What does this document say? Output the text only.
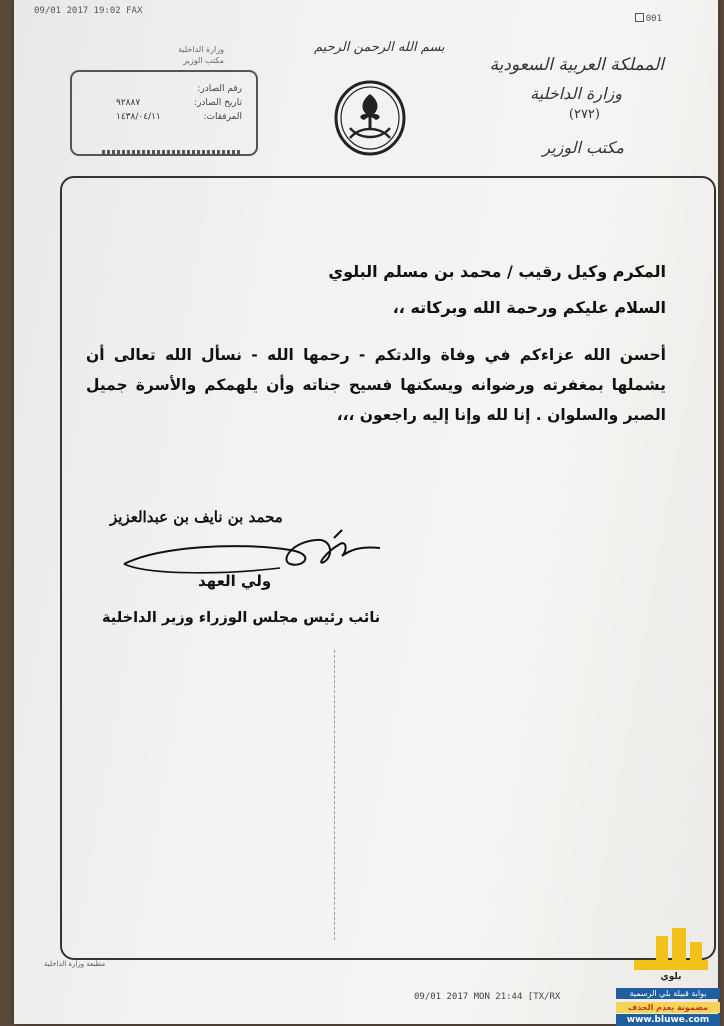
09/01 2017 19:02 FAX
001
المملكة العربية السعودية
وزارة الداخلية
(٢٧٢)
مكتب الوزير
بسم الله الرحمن الرحيم
وزارة الداخلية
مكتب الوزير
رقم الصادر:
٩٢٨٨٧	تاريخ الصادر:
١٤٣٨/٠٤/١١	المرفقات:
المكرم وكيل رقيب / محمد بن مسلم البلوي
السلام عليكم ورحمة الله وبركاته ،،
أحسن الله عزاءكم في وفاة والدتكم - رحمها الله - نسأل الله تعالى أن يشملها بمغفرته ورضوانه ويسكنها فسيح جناته وأن يلهمكم والأسرة جميل الصبر والسلوان . إنا لله وإنا إليه راجعون ،،،
محمد بن نايف بن عبدالعزيز
ولي العهد
نائب رئيس مجلس الوزراء وزير الداخلية
مطبعة وزارة الداخلية
09/01 2017 MON 21:44 [TX/RX
بلوي
بوابة قبيلة بلي الرسمية
مضمونة بعدم الحذف
www.bluwe.com
